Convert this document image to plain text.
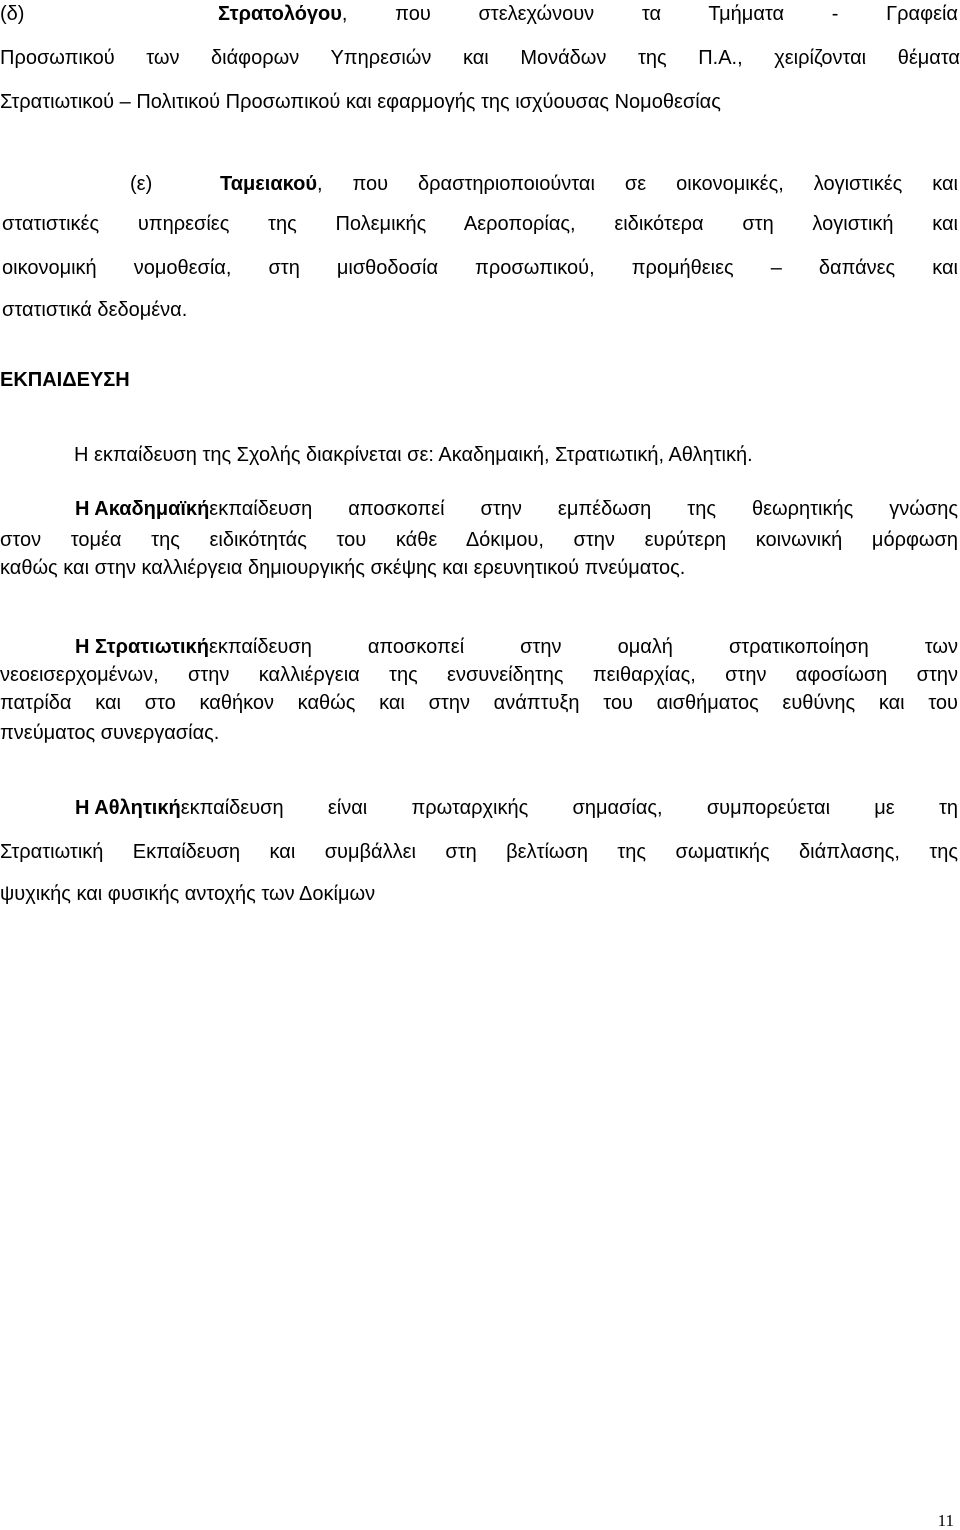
(δ)	Στρατολόγου , που στελεχώνουν τα Τμήματα - Γραφεία
Προσωπικού των διάφορων Υπηρεσιών και Μονάδων της Π.Α., χειρίζονται θέματα
Στρατιωτικού – Πολιτικού Προσωπικού και εφαρμογής της ισχύουσας Νομοθεσίας
(ε)	Ταμειακού , που δραστηριοποιούνται σε οικονομικές, λογιστικές και
στατιστικές υπηρεσίες της Πολεμικής Αεροπορίας, ειδικότερα στη λογιστική και
οικονομική νομοθεσία, στη μισθοδοσία προσωπικού, προμήθειες – δαπάνες και
στατιστικά δεδομένα.
ΕΚΠΑΙΔΕΥΣΗ
Η εκπαίδευση της Σχολής διακρίνεται σε: Ακαδημαική, Στρατιωτική, Αθλητική.
Η Ακαδημαϊκή εκπαίδευση αποσκοπεί στην εμπέδωση της θεωρητικής γνώσης
στον τομέα της ειδικότητάς του κάθε Δόκιμου, στην ευρύτερη κοινωνική μόρφωση
καθώς και στην καλλιέργεια δημιουργικής σκέψης και ερευνητικού πνεύματος.
Η Στρατιωτική εκπαίδευση αποσκοπεί στην ομαλή στρατικοποίηση των
νεοεισερχομένων, στην καλλιέργεια της ενσυνείδητης πειθαρχίας, στην αφοσίωση στην
πατρίδα και στο καθήκον καθώς και στην ανάπτυξη του αισθήματος ευθύνης και του
πνεύματος συνεργασίας.
Η Αθλητική εκπαίδευση είναι πρωταρχικής σημασίας, συμπορεύεται με τη
Στρατιωτική Εκπαίδευση και συμβάλλει στη βελτίωση της σωματικής διάπλασης, της
ψυχικής και φυσικής αντοχής των Δοκίμων
11
